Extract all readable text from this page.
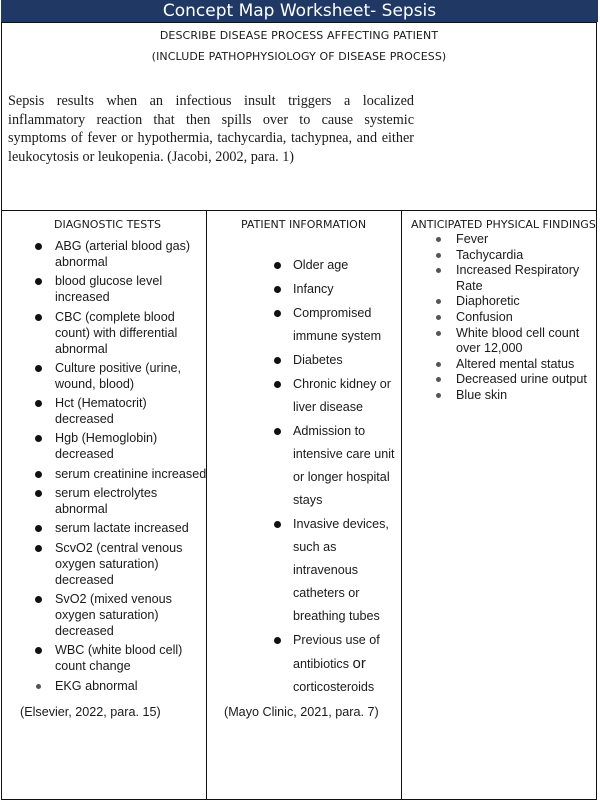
Concept Map Worksheet- Sepsis
DESCRIBE DISEASE PROCESS AFFECTING PATIENT
(INCLUDE PATHOPHYSIOLOGY OF DISEASE PROCESS)
Sepsis results when an infectious insult triggers a localized inflammatory reaction that then spills over to cause systemic symptoms of fever or hypothermia, tachycardia, tachypnea, and either leukocytosis or leukopenia. (Jacobi, 2002, para. 1)
DIAGNOSTIC TESTS
ABG (arterial blood gas) abnormal
blood glucose level increased
CBC (complete blood count) with differential abnormal
Culture positive (urine, wound, blood)
Hct (Hematocrit) decreased
Hgb (Hemoglobin) decreased
serum creatinine increased
serum electrolytes abnormal
serum lactate increased
ScvO2 (central venous oxygen saturation) decreased
SvO2 (mixed venous oxygen saturation) decreased
WBC (white blood cell) count change
EKG abnormal
(Elsevier, 2022, para. 15)
PATIENT INFORMATION
Older age
Infancy
Compromised immune system
Diabetes
Chronic kidney or liver disease
Admission to intensive care unit or longer hospital stays
Invasive devices, such as intravenous catheters or breathing tubes
Previous use of antibiotics or corticosteroids
(Mayo Clinic, 2021, para. 7)
ANTICIPATED PHYSICAL FINDINGS
Fever
Tachycardia
Increased Respiratory Rate
Diaphoretic
Confusion
White blood cell count over 12,000
Altered mental status
Decreased urine output
Blue skin
